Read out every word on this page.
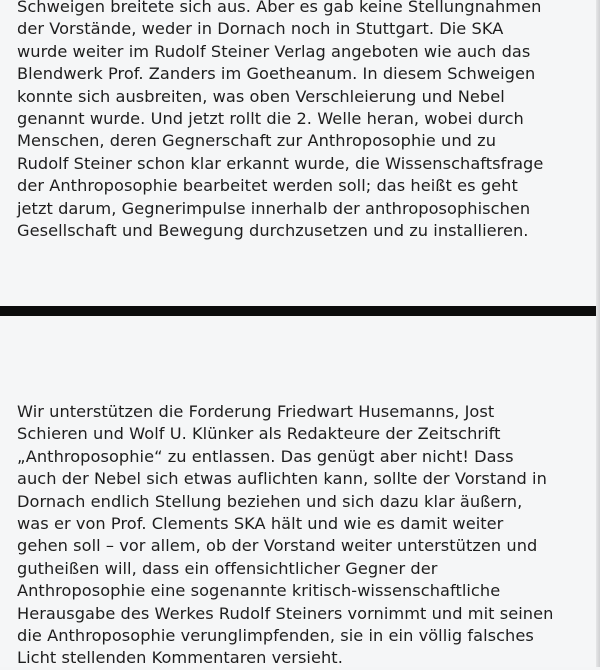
Schweigen breitete sich aus. Aber es gab keine Stellungnahmen
der Vorstände, weder in Dornach noch in Stuttgart. Die SKA
wurde weiter im Rudolf Steiner Verlag angeboten wie auch das
Blendwerk Prof. Zanders im Goetheanum. In diesem Schweigen
konnte sich ausbreiten, was oben Verschleierung und Nebel
genannt wurde. Und jetzt rollt die 2. Welle heran, wobei durch
Menschen, deren Gegnerschaft zur Anthroposophie und zu
Rudolf Steiner schon klar erkannt wurde, die Wissenschaftsfrage
der Anthroposophie bearbeitet werden soll; das heißt es geht
jetzt darum, Gegnerimpulse innerhalb der anthroposophischen
Gesellschaft und Bewegung durchzusetzen und zu installieren.

Wir unterstützen die Forderung Friedwart Husemanns, Jost
Schieren und Wolf U. Klünker als Redakteure der Zeitschrift
„Anthroposophie“ zu entlassen. Das genügt aber nicht! Dass
auch der Nebel sich etwas auflichten kann, sollte der Vorstand in
Dornach endlich Stellung beziehen und sich dazu klar äußern,
was er von Prof. Clements SKA hält und wie es damit weiter
gehen soll – vor allem, ob der Vorstand weiter unterstützen und
gutheißen will, dass ein offensichtlicher Gegner der
Anthroposophie eine sogenannte kritisch-wissenschaftliche
Herausgabe des Werkes Rudolf Steiners vornimmt und mit seinen
die Anthroposophie verunglimpfenden, sie in ein völlig falsches
Licht stellenden Kommentaren versieht.
